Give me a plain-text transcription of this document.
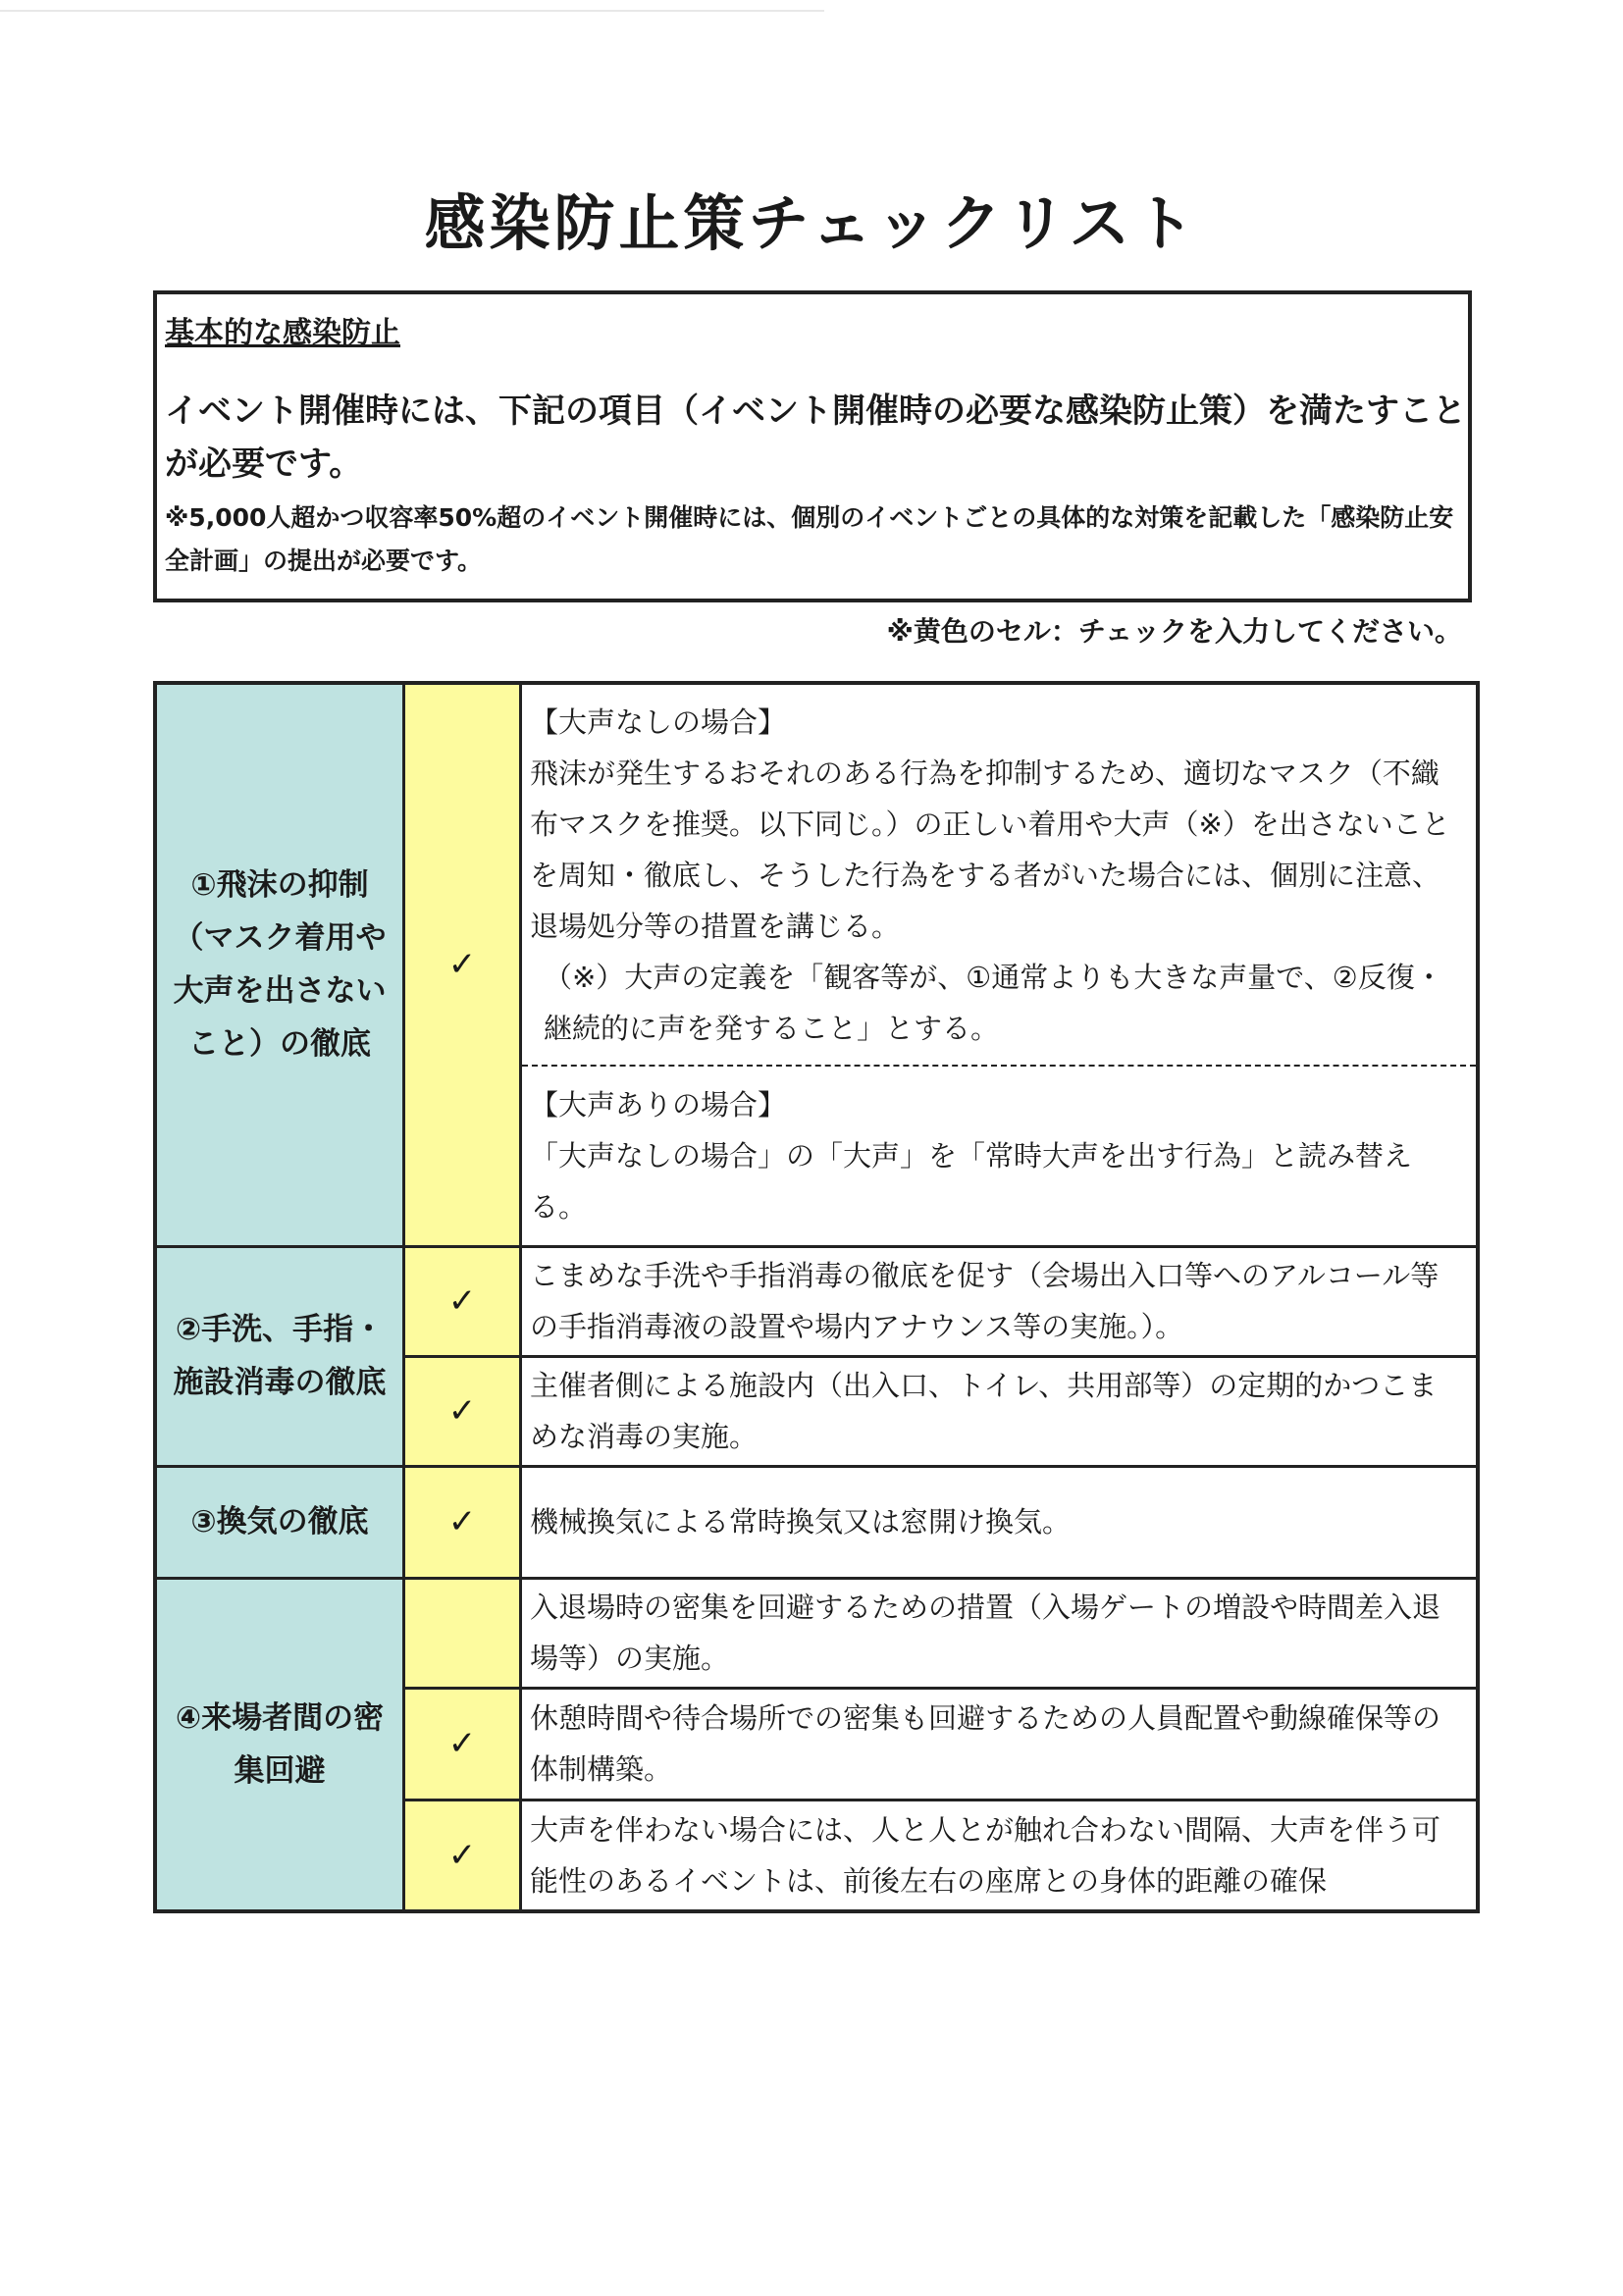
感染防止策チェックリスト
基本的な感染防止
イベント開催時には、下記の項目（イベント開催時の必要な感染防止策）を満たすことが必要です。
※5,000人超かつ収容率50%超のイベント開催時には、個別のイベントごとの具体的な対策を記載した「感染防止安全計画」の提出が必要です。
※黄色のセル：チェックを入力してください。
①飛沫の抑制（マスク着用や大声を出さないこと）の徹底	✓	【大声なしの場合】
飛沫が発生するおそれのある行為を抑制するため、適切なマスク（不織布マスクを推奨。以下同じ。）の正しい着用や大声（※）を出さないことを周知・徹底し、そうした行為をする者がいた場合には、個別に注意、退場処分等の措置を講じる。
（※）大声の定義を「観客等が、①通常よりも大きな声量で、②反復・継続的に声を発すること」とする。

		【大声ありの場合】
「大声なしの場合」の「大声」を「常時大声を出す行為」と読み替える。

②手洗、手指・施設消毒の徹底	✓	こまめな手洗や手指消毒の徹底を促す（会場出入口等へのアルコール等の手指消毒液の設置や場内アナウンス等の実施。）。
	✓	主催者側による施設内（出入口、トイレ、共用部等）の定期的かつこまめな消毒の実施。

③換気の徹底	✓	機械換気による常時換気又は窓開け換気。

④来場者間の密集回避		入退場時の密集を回避するための措置（入場ゲートの増設や時間差入退場等）の実施。
	✓	休憩時間や待合場所での密集も回避するための人員配置や動線確保等の体制構築。
	✓	大声を伴わない場合には、人と人とが触れ合わない間隔、大声を伴う可能性のあるイベントは、前後左右の座席との身体的距離の確保
